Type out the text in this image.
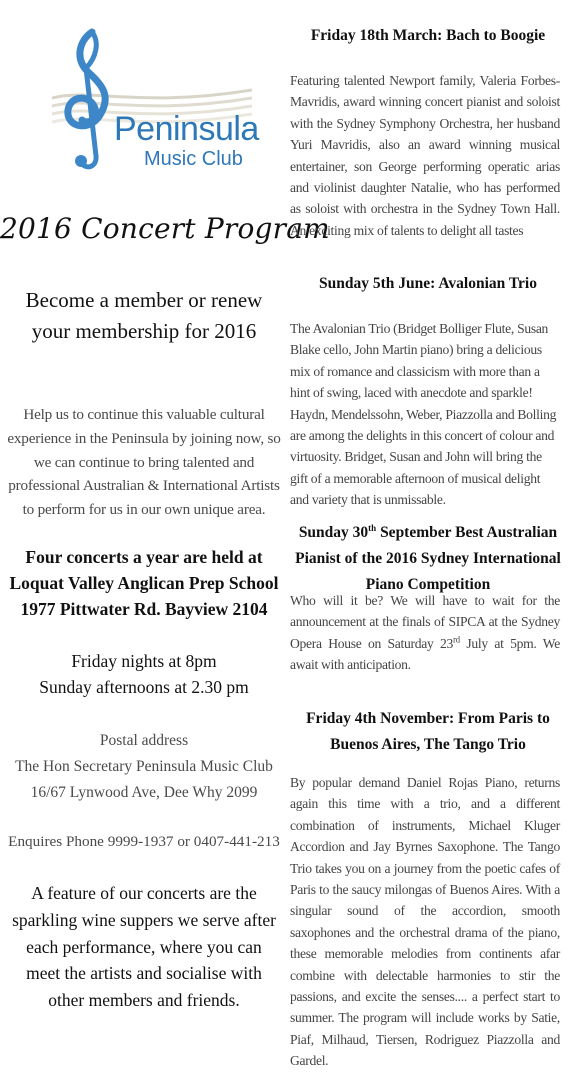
Peninsula
Music Club
2016 Concert Program
Become a member or renew your membership for 2016
Help us to continue this valuable cultural experience in the Peninsula by joining now, so we can continue to bring talented and professional Australian & International Artists to perform for us in our own unique area.
Four concerts a year are held at
Loquat Valley Anglican Prep School
1977 Pittwater Rd. Bayview 2104
Friday nights at 8pm
Sunday afternoons at 2.30 pm
Postal address
The Hon Secretary Peninsula Music Club
16/67 Lynwood Ave, Dee Why 2099
Enquires Phone 9999-1937 or 0407-441-213
A feature of our concerts are the sparkling wine suppers we serve after each performance, where you can meet the artists and socialise with other members and friends.
Friday 18th March: Bach to Boogie
Featuring talented Newport family, Valeria Forbes-Mavridis, award winning concert pianist and soloist with the Sydney Symphony Orchestra, her husband Yuri Mavridis, also an award winning musical entertainer, son George performing operatic arias and violinist daughter Natalie, who has performed as soloist with orchestra in the Sydney Town Hall. An exciting mix of talents to delight all tastes
Sunday 5th June: Avalonian Trio
The Avalonian Trio (Bridget Bolliger Flute, Susan Blake cello, John Martin piano) bring a delicious mix of romance and classicism with more than a hint of swing, laced with anecdote and sparkle! Haydn, Mendelssohn, Weber, Piazzolla and Bolling are among the delights in this concert of colour and virtuosity. Bridget, Susan and John will bring the gift of a memorable afternoon of musical delight and variety that is unmissable.
Sunday 30th September Best Australian Pianist of the 2016 Sydney International Piano Competition
Who will it be? We will have to wait for the announcement at the finals of SIPCA at the Sydney Opera House on Saturday 23rd July at 5pm. We await with anticipation.
Friday 4th November: From Paris to
Buenos Aires, The Tango Trio
By popular demand Daniel Rojas Piano, returns again this time with a trio, and a different combination of instruments, Michael Kluger Accordion and Jay Byrnes Saxophone. The Tango Trio takes you on a journey from the poetic cafes of Paris to the saucy milongas of Buenos Aires. With a singular sound of the accordion, smooth saxophones and the orchestral drama of the piano, these memorable melodies from continents afar combine with delectable harmonies to stir the passions, and excite the senses.... a perfect start to summer. The program will include works by Satie, Piaf, Milhaud, Tiersen, Rodriguez Piazzolla and Gardel.
